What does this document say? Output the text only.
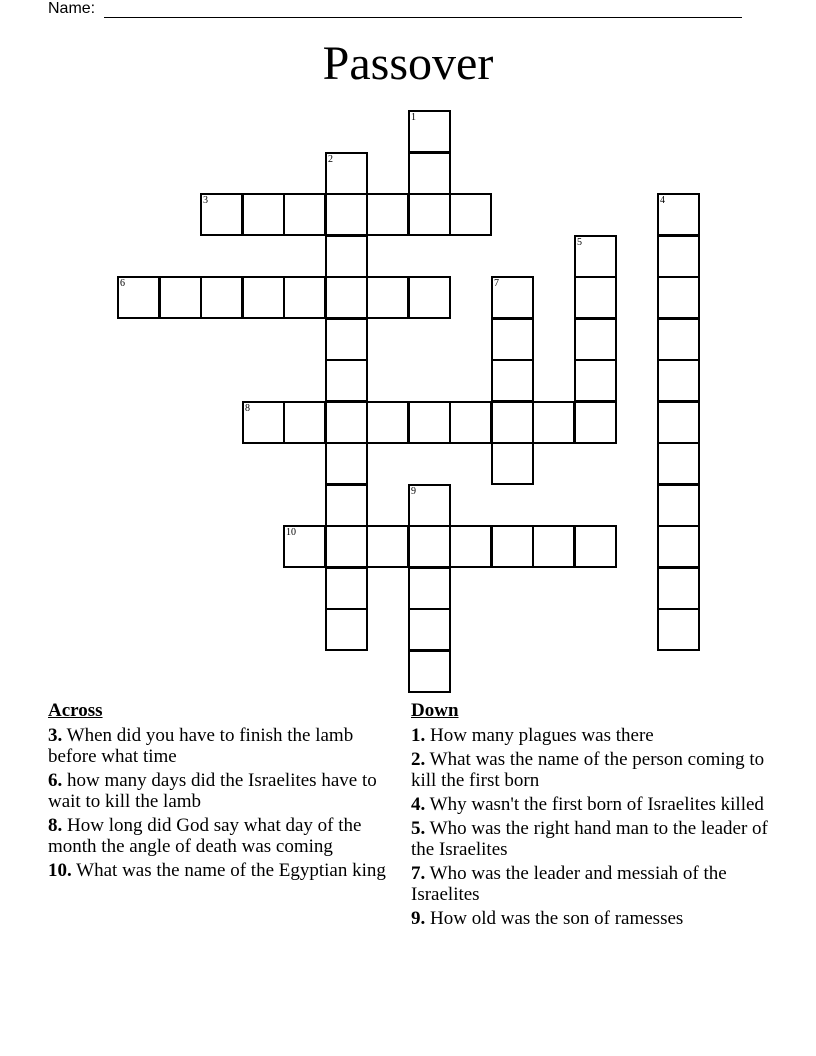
Name:
Passover
1
2
3	4
5
6	7
8
9
10
Across
3. When did you have to finish the lamb before what time
6. how many days did the Israelites have to wait to kill the lamb
8. How long did God say what day of the month the angle of death was coming
10. What was the name of the Egyptian king
Down
1. How many plagues was there
2. What was the name of the person coming to kill the first born
4. Why wasn't the first born of Israelites killed
5. Who was the right hand man to the leader of the Israelites
7. Who was the leader and messiah of the Israelites
9. How old was the son of ramesses
